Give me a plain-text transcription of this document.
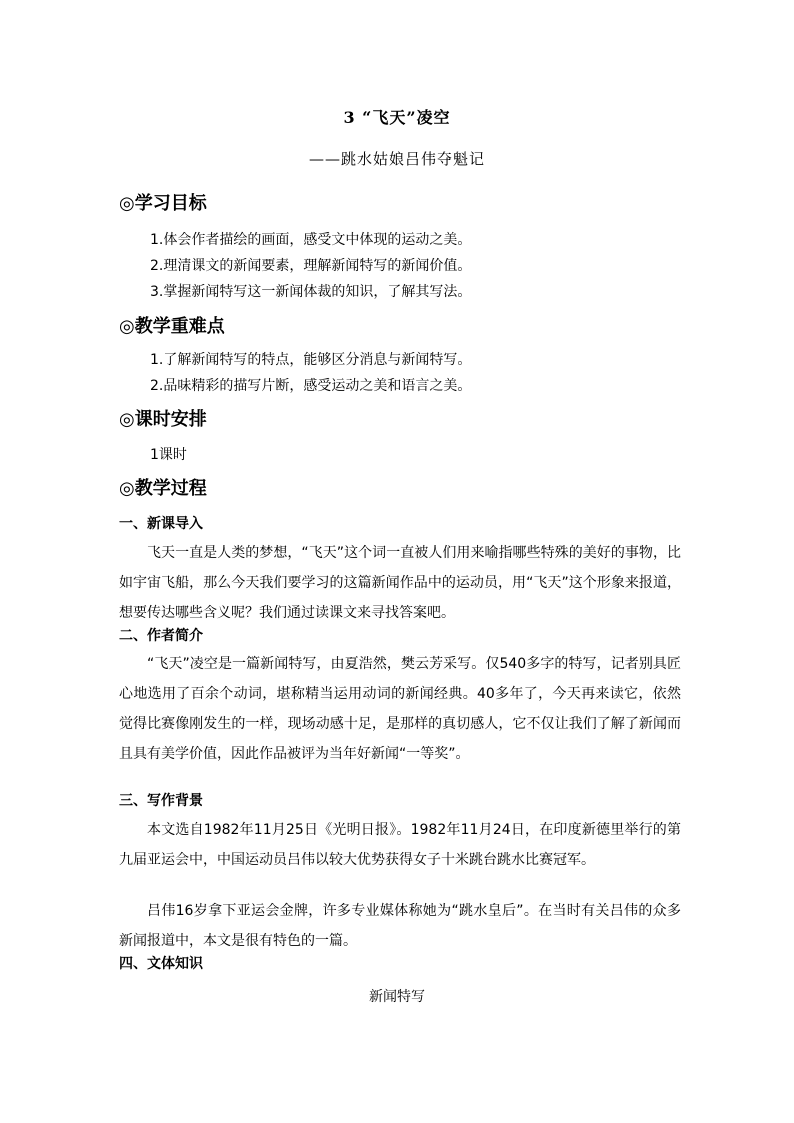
3 “飞天”凌空
——跳水姑娘吕伟夺魁记
◎学习目标
1.体会作者描绘的画面，感受文中体现的运动之美。
2.理清课文的新闻要素，理解新闻特写的新闻价值。
3.掌握新闻特写这一新闻体裁的知识，了解其写法。
◎教学重难点
1.了解新闻特写的特点，能够区分消息与新闻特写。
2.品味精彩的描写片断，感受运动之美和语言之美。
◎课时安排
1课时
◎教学过程
一、新课导入
飞天一直是人类的梦想，“飞天”这个词一直被人们用来喻指哪些特殊的美好的事物，比如宇宙飞船，那么今天我们要学习的这篇新闻作品中的运动员，用“飞天”这个形象来报道，想要传达哪些含义呢？我们通过读课文来寻找答案吧。
二、作者简介
“飞天”凌空是一篇新闻特写，由夏浩然，樊云芳采写。仅540多字的特写，记者别具匠心地选用了百余个动词，堪称精当运用动词的新闻经典。40多年了，今天再来读它，依然觉得比赛像刚发生的一样，现场动感十足，是那样的真切感人，它不仅让我们了解了新闻而且具有美学价值，因此作品被评为当年好新闻“一等奖”。
三、写作背景
本文选自1982年11月25日《光明日报》。1982年11月24日，在印度新德里举行的第九届亚运会中，中国运动员吕伟以较大优势获得女子十米跳台跳水比赛冠军。
吕伟16岁拿下亚运会金牌，许多专业媒体称她为“跳水皇后”。在当时有关吕伟的众多新闻报道中，本文是很有特色的一篇。
四、文体知识
新闻特写
